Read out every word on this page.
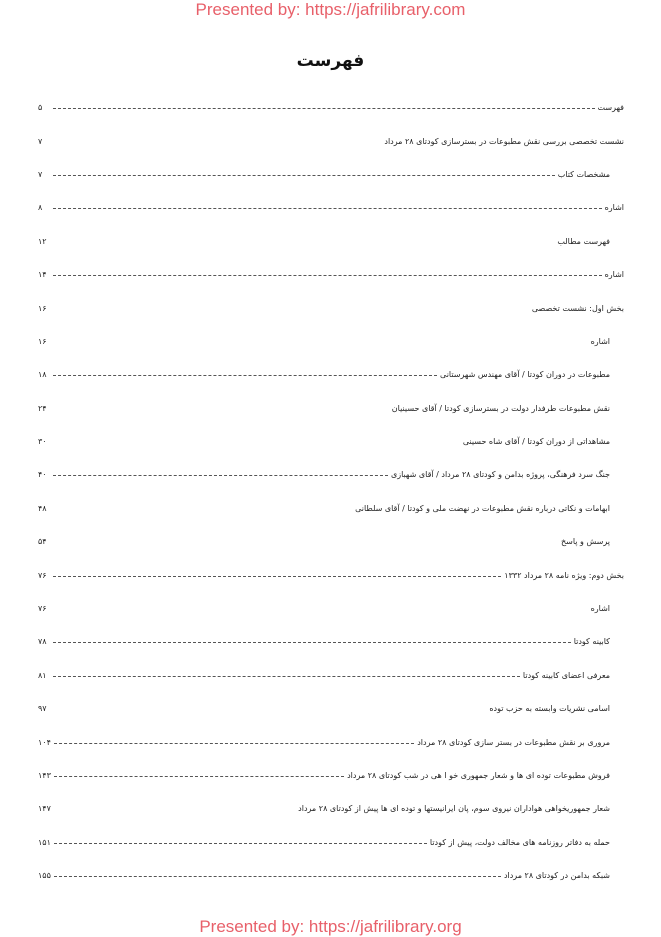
Presented by: https://jafrilibrary.com
فهرست
فهرست
۵
نشست تخصصی بررسی نقش مطبوعات در بسترسازی کودتای ۲۸ مرداد
۷
مشخصات کتاب
۷
اشاره
۸
فهرست مطالب
۱۲
اشاره
۱۴
بخش اول: نشست تخصصی
۱۶
اشاره
۱۶
مطبوعات در دوران کودتا / آقای مهندس شهرستانی
۱۸
نقش مطبوعات طرفدار دولت در بسترسازی کودتا / آقای حسینیان
۲۴
مشاهداتی از دوران کودتا / آقای شاه حسینی
۳۰
جنگ سرد فرهنگی، پروژه بدامن و کودتای ۲۸ مرداد / آقای شهبازی
۴۰
ابهامات و نکاتی درباره نقش مطبوعات در نهضت ملی و کودتا / آقای سلطانی
۴۸
پرسش و پاسخ
۵۴
بخش دوم: ویژه نامه ۲۸ مرداد ۱۳۳۲
۷۶
اشاره
۷۶
کابینه کودتا
۷۸
معرفی اعضای کابینه کودتا
۸۱
اسامی نشریات وابسته به حزب توده
۹۷
مروری بر نقش مطبوعات در بستر سازی کودتای ۲۸ مرداد
۱۰۴
فروش مطبوعات توده ای ها و شعار جمهوری خو ا هی در شب کودتای ۲۸ مرداد
۱۴۳
شعار جمهوریخواهی هواداران نیروی سوم، پان ایرانیستها و توده ای ها پیش از کودتای ۲۸ مرداد
۱۴۷
حمله به دفاتر روزنامه های مخالف دولت، پیش از کودتا
۱۵۱
شبکه بدامن در کودتای ۲۸ مرداد
۱۵۵
Presented by: https://jafrilibrary.org
